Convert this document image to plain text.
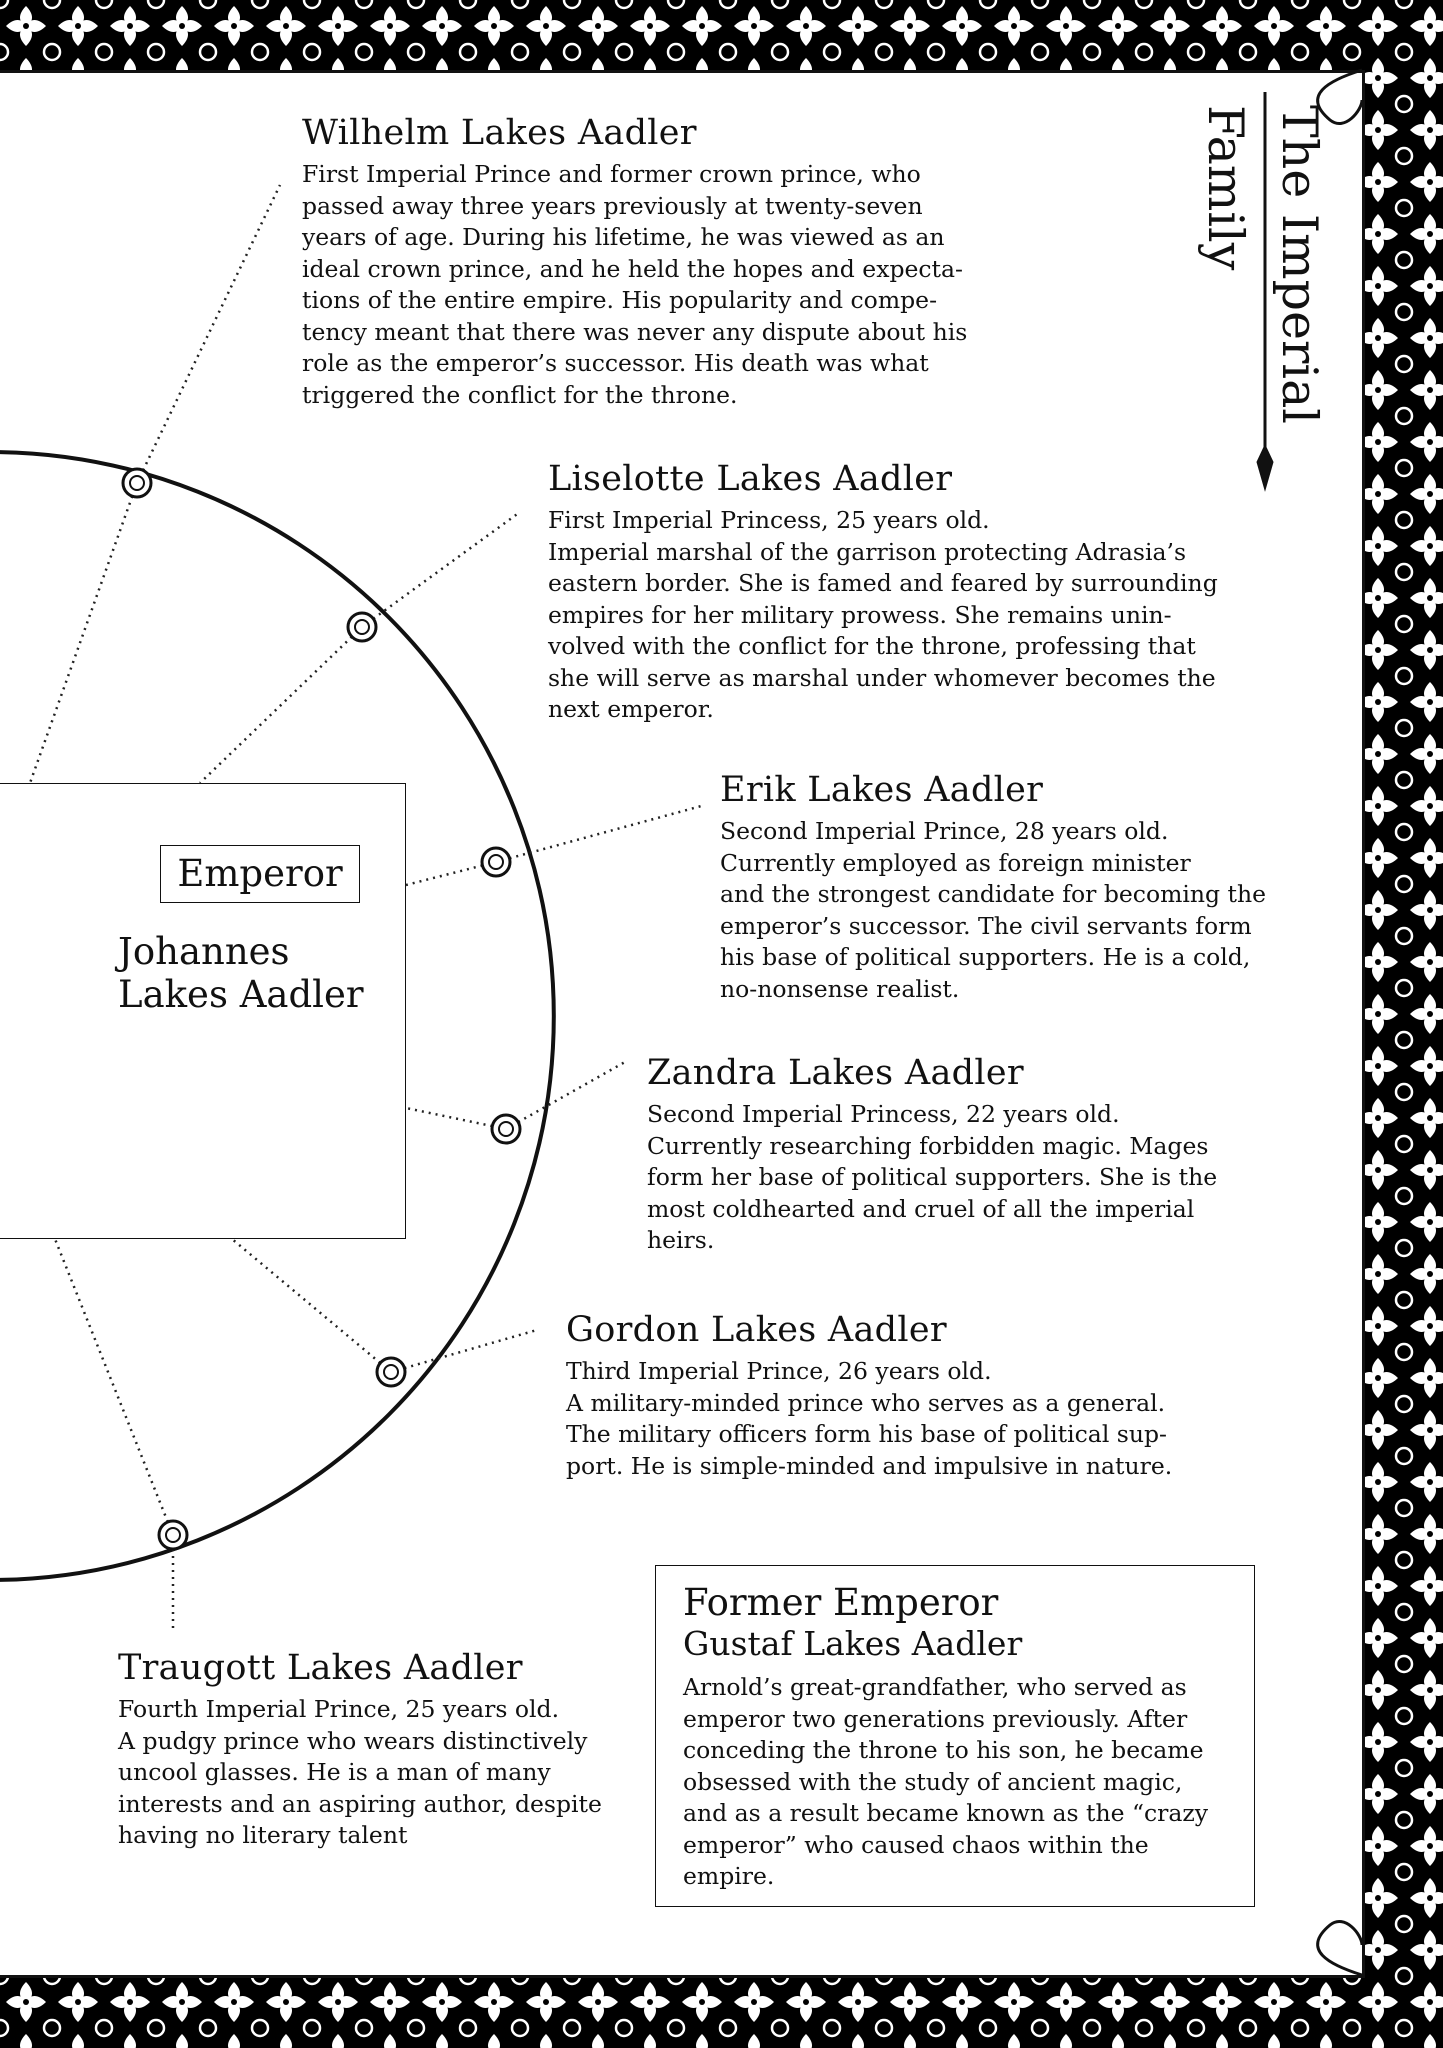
The Imperial
Family
Emperor
Johannes
Lakes Aadler
Wilhelm Lakes Aadler
First Imperial Prince and former crown prince, who
passed away three years previously at twenty-seven
years of age. During his lifetime, he was viewed as an
ideal crown prince, and he held the hopes and expecta-
tions of the entire empire. His popularity and compe-
tency meant that there was never any dispute about his
role as the emperor’s successor. His death was what
triggered the conflict for the throne.
Liselotte Lakes Aadler
First Imperial Princess, 25 years old.
Imperial marshal of the garrison protecting Adrasia’s
eastern border. She is famed and feared by surrounding
empires for her military prowess. She remains unin-
volved with the conflict for the throne, professing that
she will serve as marshal under whomever becomes the
next emperor.
Erik Lakes Aadler
Second Imperial Prince, 28 years old.
Currently employed as foreign minister
and the strongest candidate for becoming the
emperor’s successor. The civil servants form
his base of political supporters. He is a cold,
no-nonsense realist.
Zandra Lakes Aadler
Second Imperial Princess, 22 years old.
Currently researching forbidden magic. Mages
form her base of political supporters. She is the
most coldhearted and cruel of all the imperial
heirs.
Gordon Lakes Aadler
Third Imperial Prince, 26 years old.
A military-minded prince who serves as a general.
The military officers form his base of political sup-
port. He is simple-minded and impulsive in nature.
Traugott Lakes Aadler
Fourth Imperial Prince, 25 years old.
A pudgy prince who wears distinctively
uncool glasses. He is a man of many
interests and an aspiring author, despite
having no literary talent
Former Emperor
Gustaf Lakes Aadler
Arnold’s great-grandfather, who served as
emperor two generations previously. After
conceding the throne to his son, he became
obsessed with the study of ancient magic,
and as a result became known as the “crazy
emperor” who caused chaos within the empire.
